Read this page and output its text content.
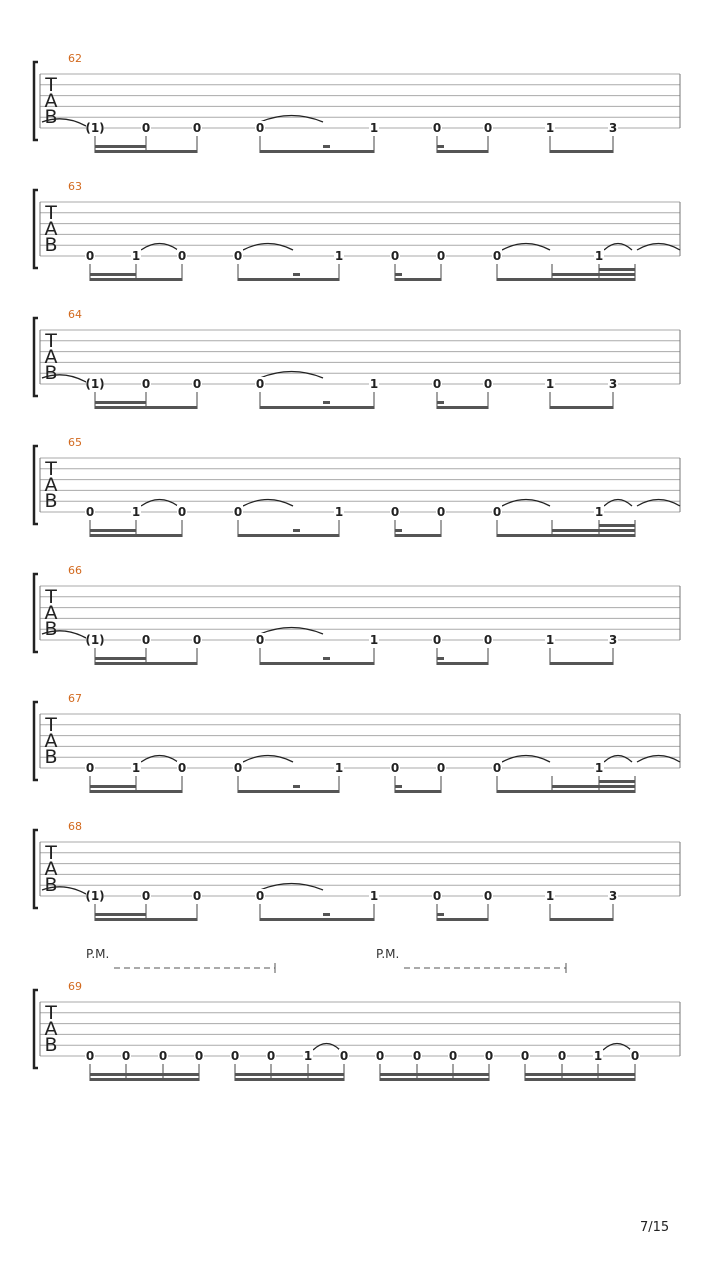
T
A
B
62
(1)	0	0	0	1	0	0	1	3
T
A
B
63
0	1	0	0	1	0	0	0	1
T
A
B
64
(1)	0	0	0	1	0	0	1	3
T
A
B
65
0	1	0	0	1	0	0	0	1
T
A
B
66
(1)	0	0	0	1	0	0	1	3
T
A
B
67
0	1	0	0	1	0	0	0	1
T
A
B
68
(1)	0	0	0	1	0	0	1	3
T
A
B
69
0 0 0 0 0 0 1 0 0 0 0 0 0 0 1 0
P.M.	P.M.
7/15
